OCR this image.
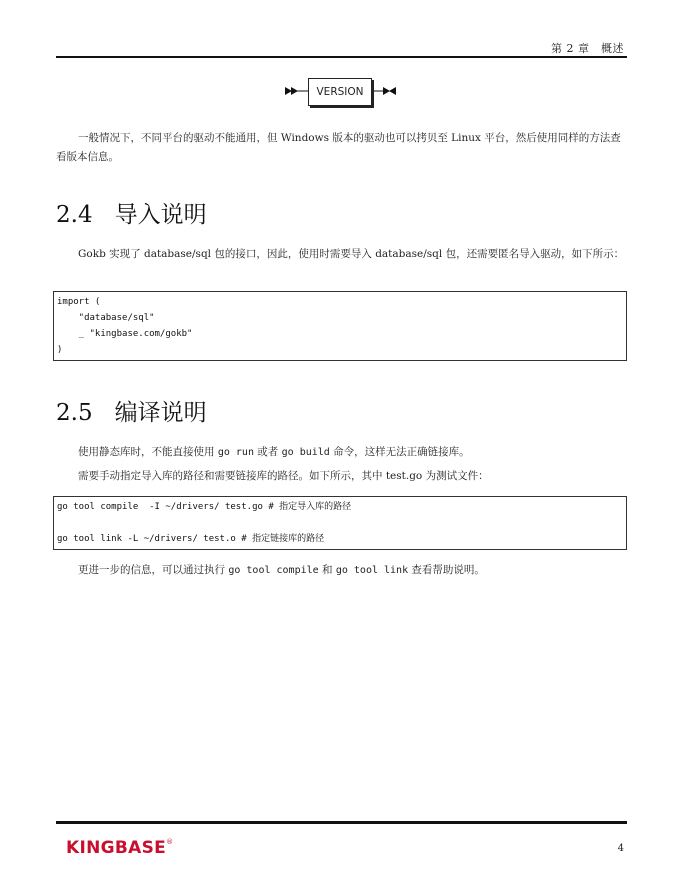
第 2 章　概述
VERSION

一般情况下，不同平台的驱动不能通用，但 Windows 版本的驱动也可以拷贝至 Linux 平台，然后使用同样的方法查看版本信息。

2.4 导入说明

Gokb 实现了 database/sql 包的接口，因此，使用时需要导入 database/sql 包，还需要匿名导入驱动，如下所示：

import (
"database/sql"
_ "kingbase.com/gokb"
)
2.5 编译说明

使用静态库时，不能直接使用 go run 或者 go build 命令，这样无法正确链接库。

需要手动指定导入库的路径和需要链接库的路径。如下所示，其中 test.go 为测试文件：

go tool compile  -I ~/drivers/ test.go # 指定导入库的路径
go tool link -L ~/drivers/ test.o # 指定链接库的路径

更进一步的信息，可以通过执行 go tool compile 和 go tool link 查看帮助说明。

KINGBASE®
4
